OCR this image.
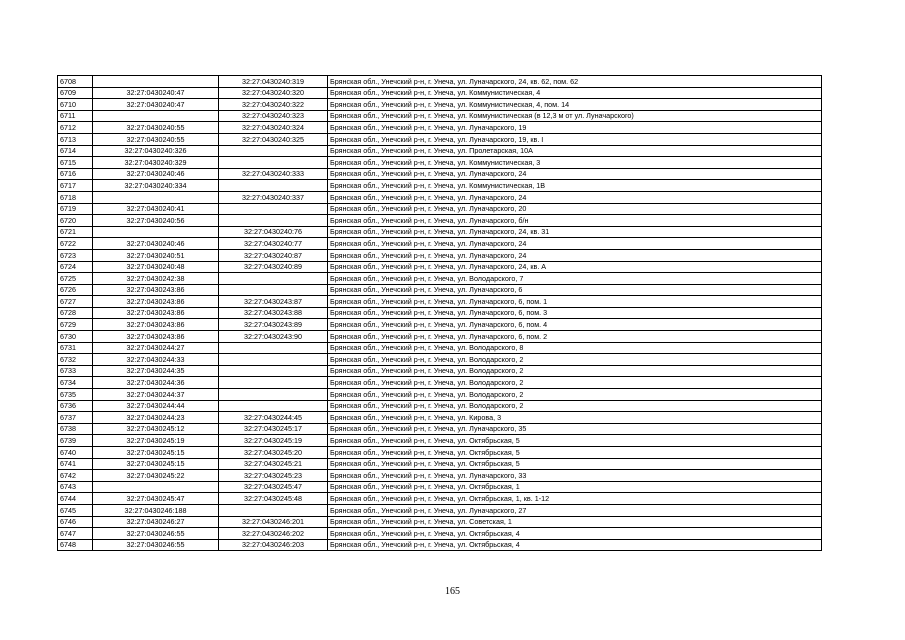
6708		32:27:0430240:319	Брянская обл., Унечский р-н, г. Унеча, ул. Луначарского, 24, кв. 62, пом. 62
6709	32:27:0430240:47	32:27:0430240:320	Брянская обл., Унечский р-н, г. Унеча, ул. Коммунистическая, 4
6710	32:27:0430240:47	32:27:0430240:322	Брянская обл., Унечский р-н, г. Унеча, ул. Коммунистическая, 4, пом. 14
6711		32:27:0430240:323	Брянская обл., Унечский р-н, г. Унеча, ул. Коммунистическая (в 12,3 м от ул. Луначарского)
6712	32:27:0430240:55	32:27:0430240:324	Брянская обл., Унечский р-н, г. Унеча, ул. Луначарского, 19
6713	32:27:0430240:55	32:27:0430240:325	Брянская обл., Унечский р-н, г. Унеча, ул. Луначарского, 19, кв. I
6714	32:27:0430240:326		Брянская обл., Унечский р-н, г. Унеча, ул. Пролетарская, 10А
6715	32:27:0430240:329		Брянская обл., Унечский р-н, г. Унеча, ул. Коммунистическая, 3
6716	32:27:0430240:46	32:27:0430240:333	Брянская обл., Унечский р-н, г. Унеча, ул. Луначарского, 24
6717	32:27:0430240:334		Брянская обл., Унечский р-н, г. Унеча, ул. Коммунистическая, 1В
6718		32:27:0430240:337	Брянская обл., Унечский р-н, г. Унеча, ул. Луначарского, 24
6719	32:27:0430240:41		Брянская обл., Унечский р-н, г. Унеча, ул. Луначарского, 20
6720	32:27:0430240:56		Брянская обл., Унечский р-н, г. Унеча, ул. Луначарского, б/н
6721		32:27:0430240:76	Брянская обл., Унечский р-н, г. Унеча, ул. Луначарского, 24, кв. 31
6722	32:27:0430240:46	32:27:0430240:77	Брянская обл., Унечский р-н, г. Унеча, ул. Луначарского, 24
6723	32:27:0430240:51	32:27:0430240:87	Брянская обл., Унечский р-н, г. Унеча, ул. Луначарского, 24
6724	32:27:0430240:48	32:27:0430240:89	Брянская обл., Унечский р-н, г. Унеча, ул. Луначарского, 24, кв. А
6725	32:27:0430242:38		Брянская обл., Унечский р-н, г. Унеча, ул. Володарского, 7
6726	32:27:0430243:86		Брянская обл., Унечский р-н, г. Унеча, ул. Луначарского, 6
6727	32:27:0430243:86	32:27:0430243:87	Брянская обл., Унечский р-н, г. Унеча, ул. Луначарского, 6, пом. 1
6728	32:27:0430243:86	32:27:0430243:88	Брянская обл., Унечский р-н, г. Унеча, ул. Луначарского, 6, пом. 3
6729	32:27:0430243:86	32:27:0430243:89	Брянская обл., Унечский р-н, г. Унеча, ул. Луначарского, 6, пом. 4
6730	32:27:0430243:86	32:27:0430243:90	Брянская обл., Унечский р-н, г. Унеча, ул. Луначарского, 6, пом. 2
6731	32:27:0430244:27		Брянская обл., Унечский р-н, г. Унеча, ул. Володарского, 8
6732	32:27:0430244:33		Брянская обл., Унечский р-н, г. Унеча, ул. Володарского, 2
6733	32:27:0430244:35		Брянская обл., Унечский р-н, г. Унеча, ул. Володарского, 2
6734	32:27:0430244:36		Брянская обл., Унечский р-н, г. Унеча, ул. Володарского, 2
6735	32:27:0430244:37		Брянская обл., Унечский р-н, г. Унеча, ул. Володарского, 2
6736	32:27:0430244:44		Брянская обл., Унечский р-н, г. Унеча, ул. Володарского, 2
6737	32:27:0430244:23	32:27:0430244:45	Брянская обл., Унечский р-н, г. Унеча, ул. Кирова, 3
6738	32:27:0430245:12	32:27:0430245:17	Брянская обл., Унечский р-н, г. Унеча, ул. Луначарского, 35
6739	32:27:0430245:19	32:27:0430245:19	Брянская обл., Унечский р-н, г. Унеча, ул. Октябрьская, 5
6740	32:27:0430245:15	32:27:0430245:20	Брянская обл., Унечский р-н, г. Унеча, ул. Октябрьская, 5
6741	32:27:0430245:15	32:27:0430245:21	Брянская обл., Унечский р-н, г. Унеча, ул. Октябрьская, 5
6742	32:27:0430245:22	32:27:0430245:23	Брянская обл., Унечский р-н, г. Унеча, ул. Луначарского, 33
6743		32:27:0430245:47	Брянская обл., Унечский р-н, г. Унеча, ул. Октябрьская, 1
6744	32:27:0430245:47	32:27:0430245:48	Брянская обл., Унечский р-н, г. Унеча, ул. Октябрьская, 1, кв. 1-12
6745	32:27:0430246:188		Брянская обл., Унечский р-н, г. Унеча, ул. Луначарского, 27
6746	32:27:0430246:27	32:27:0430246:201	Брянская обл., Унечский р-н, г. Унеча, ул. Советская, 1
6747	32:27:0430246:55	32:27:0430246:202	Брянская обл., Унечский р-н, г. Унеча, ул. Октябрьская, 4
6748	32:27:0430246:55	32:27:0430246:203	Брянская обл., Унечский р-н, г. Унеча, ул. Октябрьская, 4
165
